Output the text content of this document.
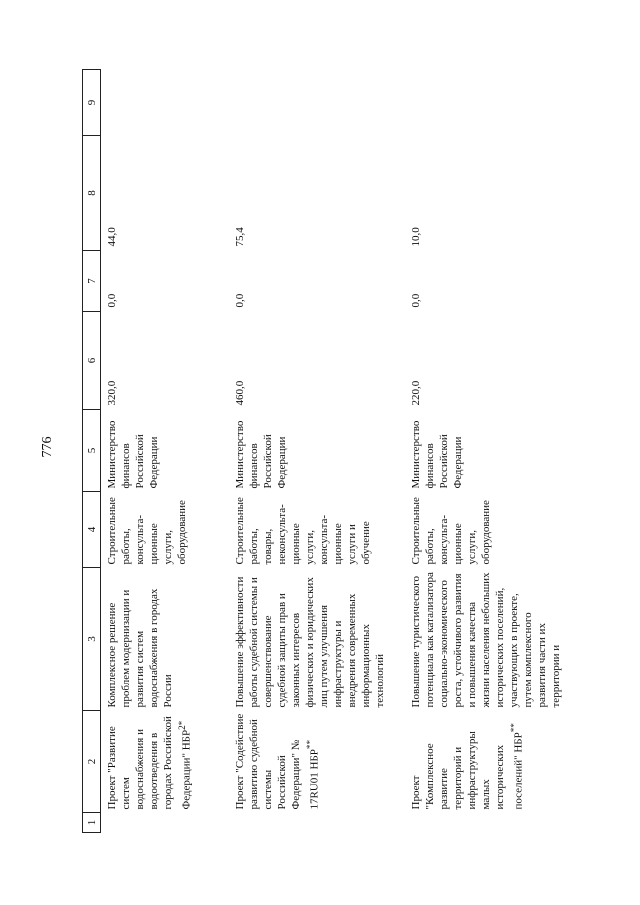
776
1	2	3	4	5	6	7	8	9
	Проект "Развитие систем водоснабжения и водоотведения в городах Российской Федерации" $НБР^{2*}$	Комплексное решение проблем модернизации и развития систем водоснабжения в городах России	Строительные работы, консульта-ционные услуги, оборудование	Министерство финансов Российской Федерации	320,0	0,0	44,0	
	Проект "Содействие развитию судебной системы Российской Федерации" № 17RU01 НБР**	Повышение эффективности работы судебной системы и совершенствование судебной защиты прав и законных интересов физических и юридических лиц путем улучшения инфраструктуры и внедрения современных информационных технологий	Строительные работы, товары, неконсульта-ционные услуги, консульта-ционные услуги и обучение	Министерство финансов Российской Федерации	460,0	0,0	75,4	
	Проект "Комплексное развитие территорий и инфраструктуры малых исторических поселений" НБР**	Повышение туристического потенциала как катализатора социально-экономического роста, устойчивого развития и повышения качества жизни населения небольших исторических поселений, участвующих в проекте, путем комплексного развития части их территории и	Строительные работы, консульта-ционные услуги, оборудование	Министерство финансов Российской Федерации	220,0	0,0	10,0	
